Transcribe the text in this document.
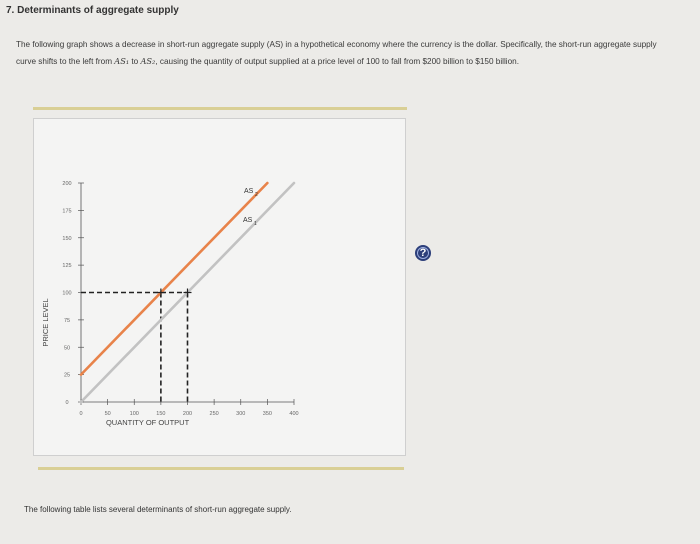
7. Determinants of aggregate supply
The following graph shows a decrease in short-run aggregate supply (AS) in a hypothetical economy where the currency is the dollar. Specifically, the short-run aggregate supply curve shifts to the left from AS₁ to AS₂, causing the quantity of output supplied at a price level of 100 to fall from $200 billion to $150 billion.
?
0
25
50
75
100
125
150
175
200
0	50	100	150	200	250	300	350	400
QUANTITY OF OUTPUT
PRICE LEVEL
AS 2
AS 1
The following table lists several determinants of short-run aggregate supply.
